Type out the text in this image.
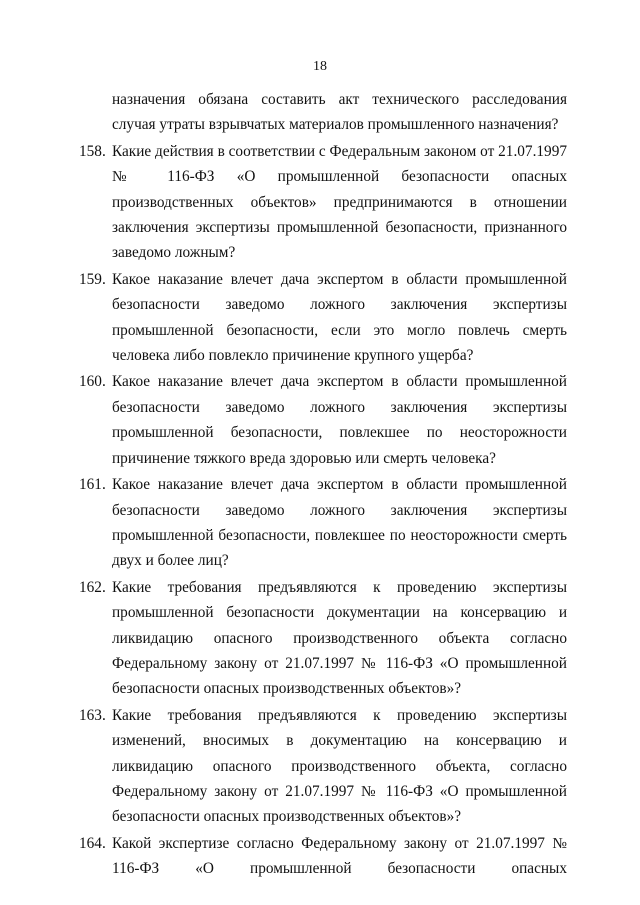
18

назначения обязана составить акт технического расследования случая утраты взрывчатых материалов промышленного назначения?

158. Какие действия в соответствии с Федеральным законом от 21.07.1997 № 116-ФЗ «О промышленной безопасности опасных производственных объектов» предпринимаются в отношении заключения экспертизы промышленной безопасности, признанного заведомо ложным?
159. Какое наказание влечет дача экспертом в области промышленной безопасности заведомо ложного заключения экспертизы промышленной безопасности, если это могло повлечь смерть человека либо повлекло причинение крупного ущерба?
160. Какое наказание влечет дача экспертом в области промышленной безопасности заведомо ложного заключения экспертизы промышленной безопасности, повлекшее по неосторожности причинение тяжкого вреда здоровью или смерть человека?
161. Какое наказание влечет дача экспертом в области промышленной безопасности заведомо ложного заключения экспертизы промышленной безопасности, повлекшее по неосторожности смерть двух и более лиц?
162. Какие требования предъявляются к проведению экспертизы промышленной безопасности документации на консервацию и ликвидацию опасного производственного объекта согласно Федеральному закону от 21.07.1997 № 116-ФЗ «О промышленной безопасности опасных производственных объектов»?
163. Какие требования предъявляются к проведению экспертизы изменений, вносимых в документацию на консервацию и ликвидацию опасного производственного объекта, согласно Федеральному закону от 21.07.1997 № 116-ФЗ «О промышленной безопасности опасных производственных объектов»?
164. Какой экспертизе согласно Федеральному закону от 21.07.1997 № 116-ФЗ «О промышленной безопасности опасных
